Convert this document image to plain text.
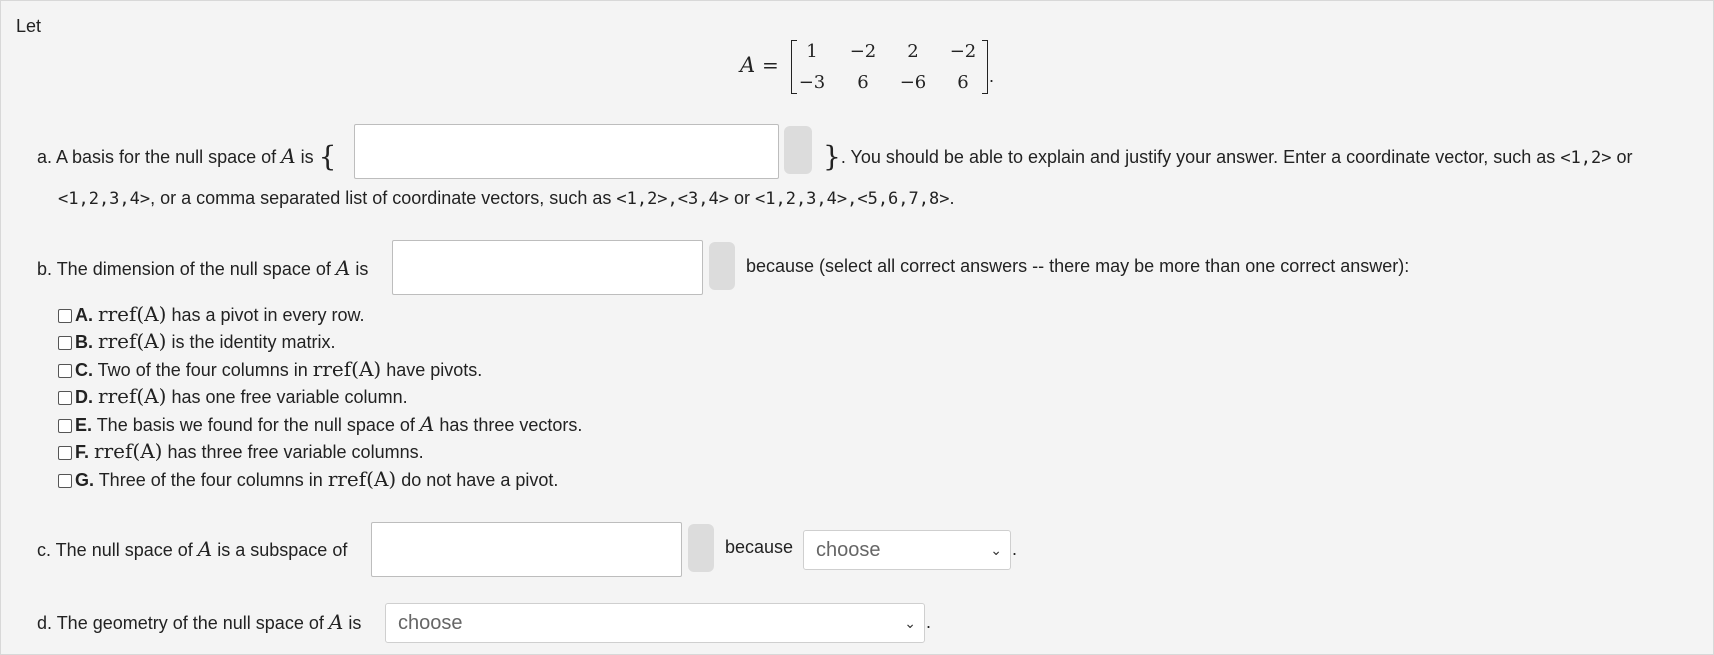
Let
A =
1	−2	2	−2
−3	6	−6	6	.
a. A basis for the null space of A is {	}. You should be able to explain and justify your answer. Enter a coordinate vector, such as <1,2> or
<1,2,3,4>, or a comma separated list of coordinate vectors, such as <1,2>,<3,4> or <1,2,3,4>,<5,6,7,8>.
b. The dimension of the null space of A is	because (select all correct answers -- there may be more than one correct answer):
A. rref(A) has a pivot in every row.
B. rref(A) is the identity matrix.
C. Two of the four columns in rref(A) have pivots.
D. rref(A) has one free variable column.
E. The basis we found for the null space of A has three vectors.
F. rref(A) has three free variable columns.
G. Three of the four columns in rref(A) do not have a pivot.
c. The null space of A is a subspace of	because	choose	⌄ .
d. The geometry of the null space of A is	choose	⌄ .
